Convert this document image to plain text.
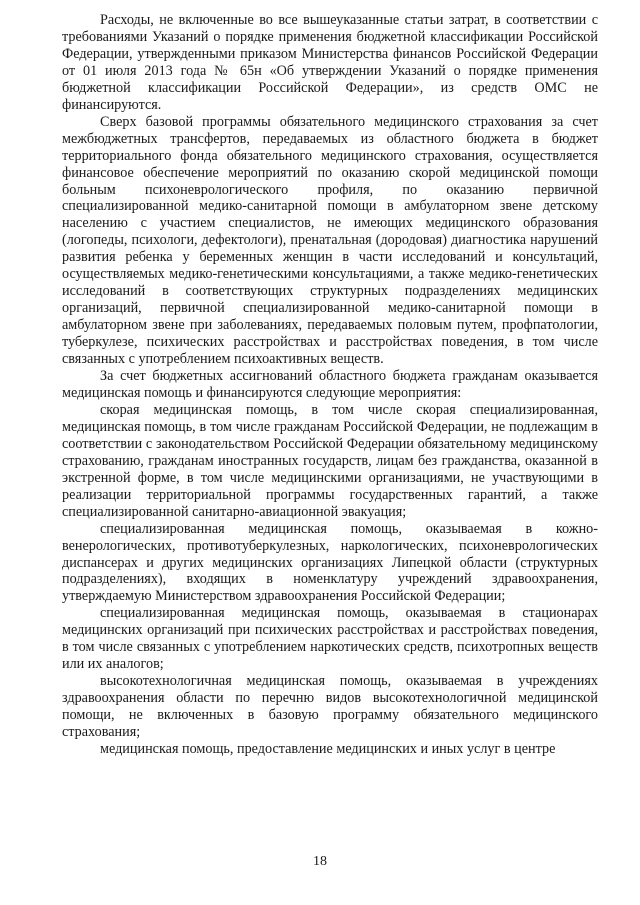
Расходы, не включенные во все вышеуказанные статьи затрат, в соответствии с требованиями Указаний о порядке применения бюджетной классификации Российской Федерации, утвержденными приказом Министерства финансов Российской Федерации от 01 июля 2013 года № 65н «Об утверждении Указаний о порядке применения бюджетной классификации Российской Федерации», из средств ОМС не финансируются.

Сверх базовой программы обязательного медицинского страхования за счет межбюджетных трансфертов, передаваемых из областного бюджета в бюджет территориального фонда обязательного медицинского страхования, осуществляется финансовое обеспечение мероприятий по оказанию скорой медицинской помощи больным психоневрологического профиля, по оказанию первичной специализированной медико-санитарной помощи в амбулаторном звене детскому населению с участием специалистов, не имеющих медицинского образования (логопеды, психологи, дефектологи), пренатальная (дородовая) диагностика нарушений развития ребенка у беременных женщин в части исследований и консультаций, осуществляемых медико-генетическими консультациями, а также медико-генетических исследований в соответствующих структурных подразделениях медицинских организаций, первичной специализированной медико-санитарной помощи в амбулаторном звене при заболеваниях, передаваемых половым путем, профпатологии, туберкулезе, психических расстройствах и расстройствах поведения, в том числе связанных с употреблением психоактивных веществ.

За счет бюджетных ассигнований областного бюджета гражданам оказывается медицинская помощь и финансируются следующие мероприятия:

скорая медицинская помощь, в том числе скорая специализированная, медицинская помощь, в том числе гражданам Российской Федерации, не подлежащим в соответствии с законодательством Российской Федерации обязательному медицинскому страхованию, гражданам иностранных государств, лицам без гражданства, оказанной в экстренной форме, в том числе медицинскими организациями, не участвующими в реализации территориальной программы государственных гарантий, а также специализированной санитарно-авиационной эвакуация;

специализированная медицинская помощь, оказываемая в кожно-венерологических, противотуберкулезных, наркологических, психоневрологических диспансерах и других медицинских организациях Липецкой области (структурных подразделениях), входящих в номенклатуру учреждений здравоохранения, утверждаемую Министерством здравоохранения Российской Федерации;

специализированная медицинская помощь, оказываемая в стационарах медицинских организаций при психических расстройствах и расстройствах поведения, в том числе связанных с употреблением наркотических средств, психотропных веществ или их аналогов;

высокотехнологичная медицинская помощь, оказываемая в учреждениях здравоохранения области по перечню видов высокотехнологичной медицинской помощи, не включенных в базовую программу обязательного медицинского страхования;

медицинская помощь, предоставление медицинских и иных услуг в центре

18
